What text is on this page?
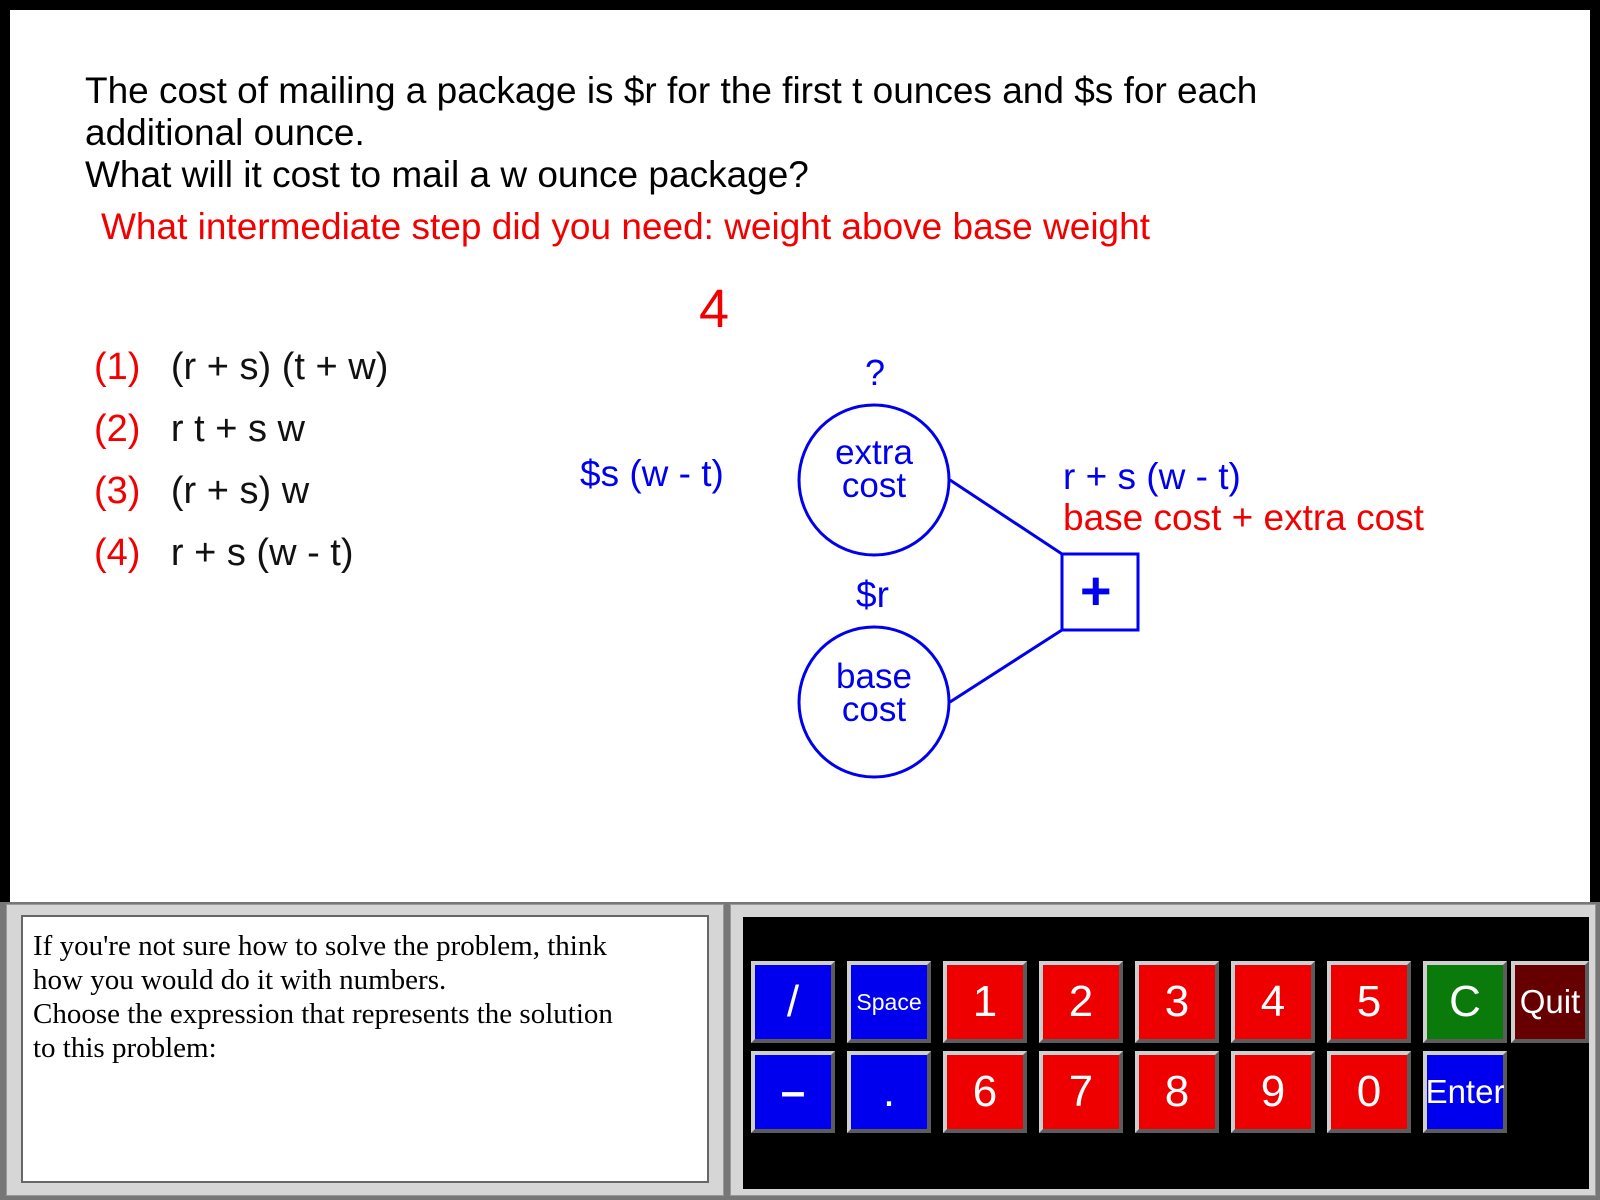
The cost of mailing a package is $r for the first t ounces and $s for each
additional ounce.
What will it cost to mail a w ounce package?
What intermediate step did you need: weight above base weight
4
(1) (r + s) (t + w)
(2) r t + s w
(3) (r + s) w
(4) r + s (w - t)
?
extra
cost
$s (w - t)
$r
base
cost
+
r + s (w - t)
base cost + extra cost
If you're not sure how to solve the problem, think
how you would do it with numbers.
Choose the expression that represents the solution
to this problem:
/	Space	1	2	3	4	5	C	Quit
–	.	6	7	8	9	0	Enter
